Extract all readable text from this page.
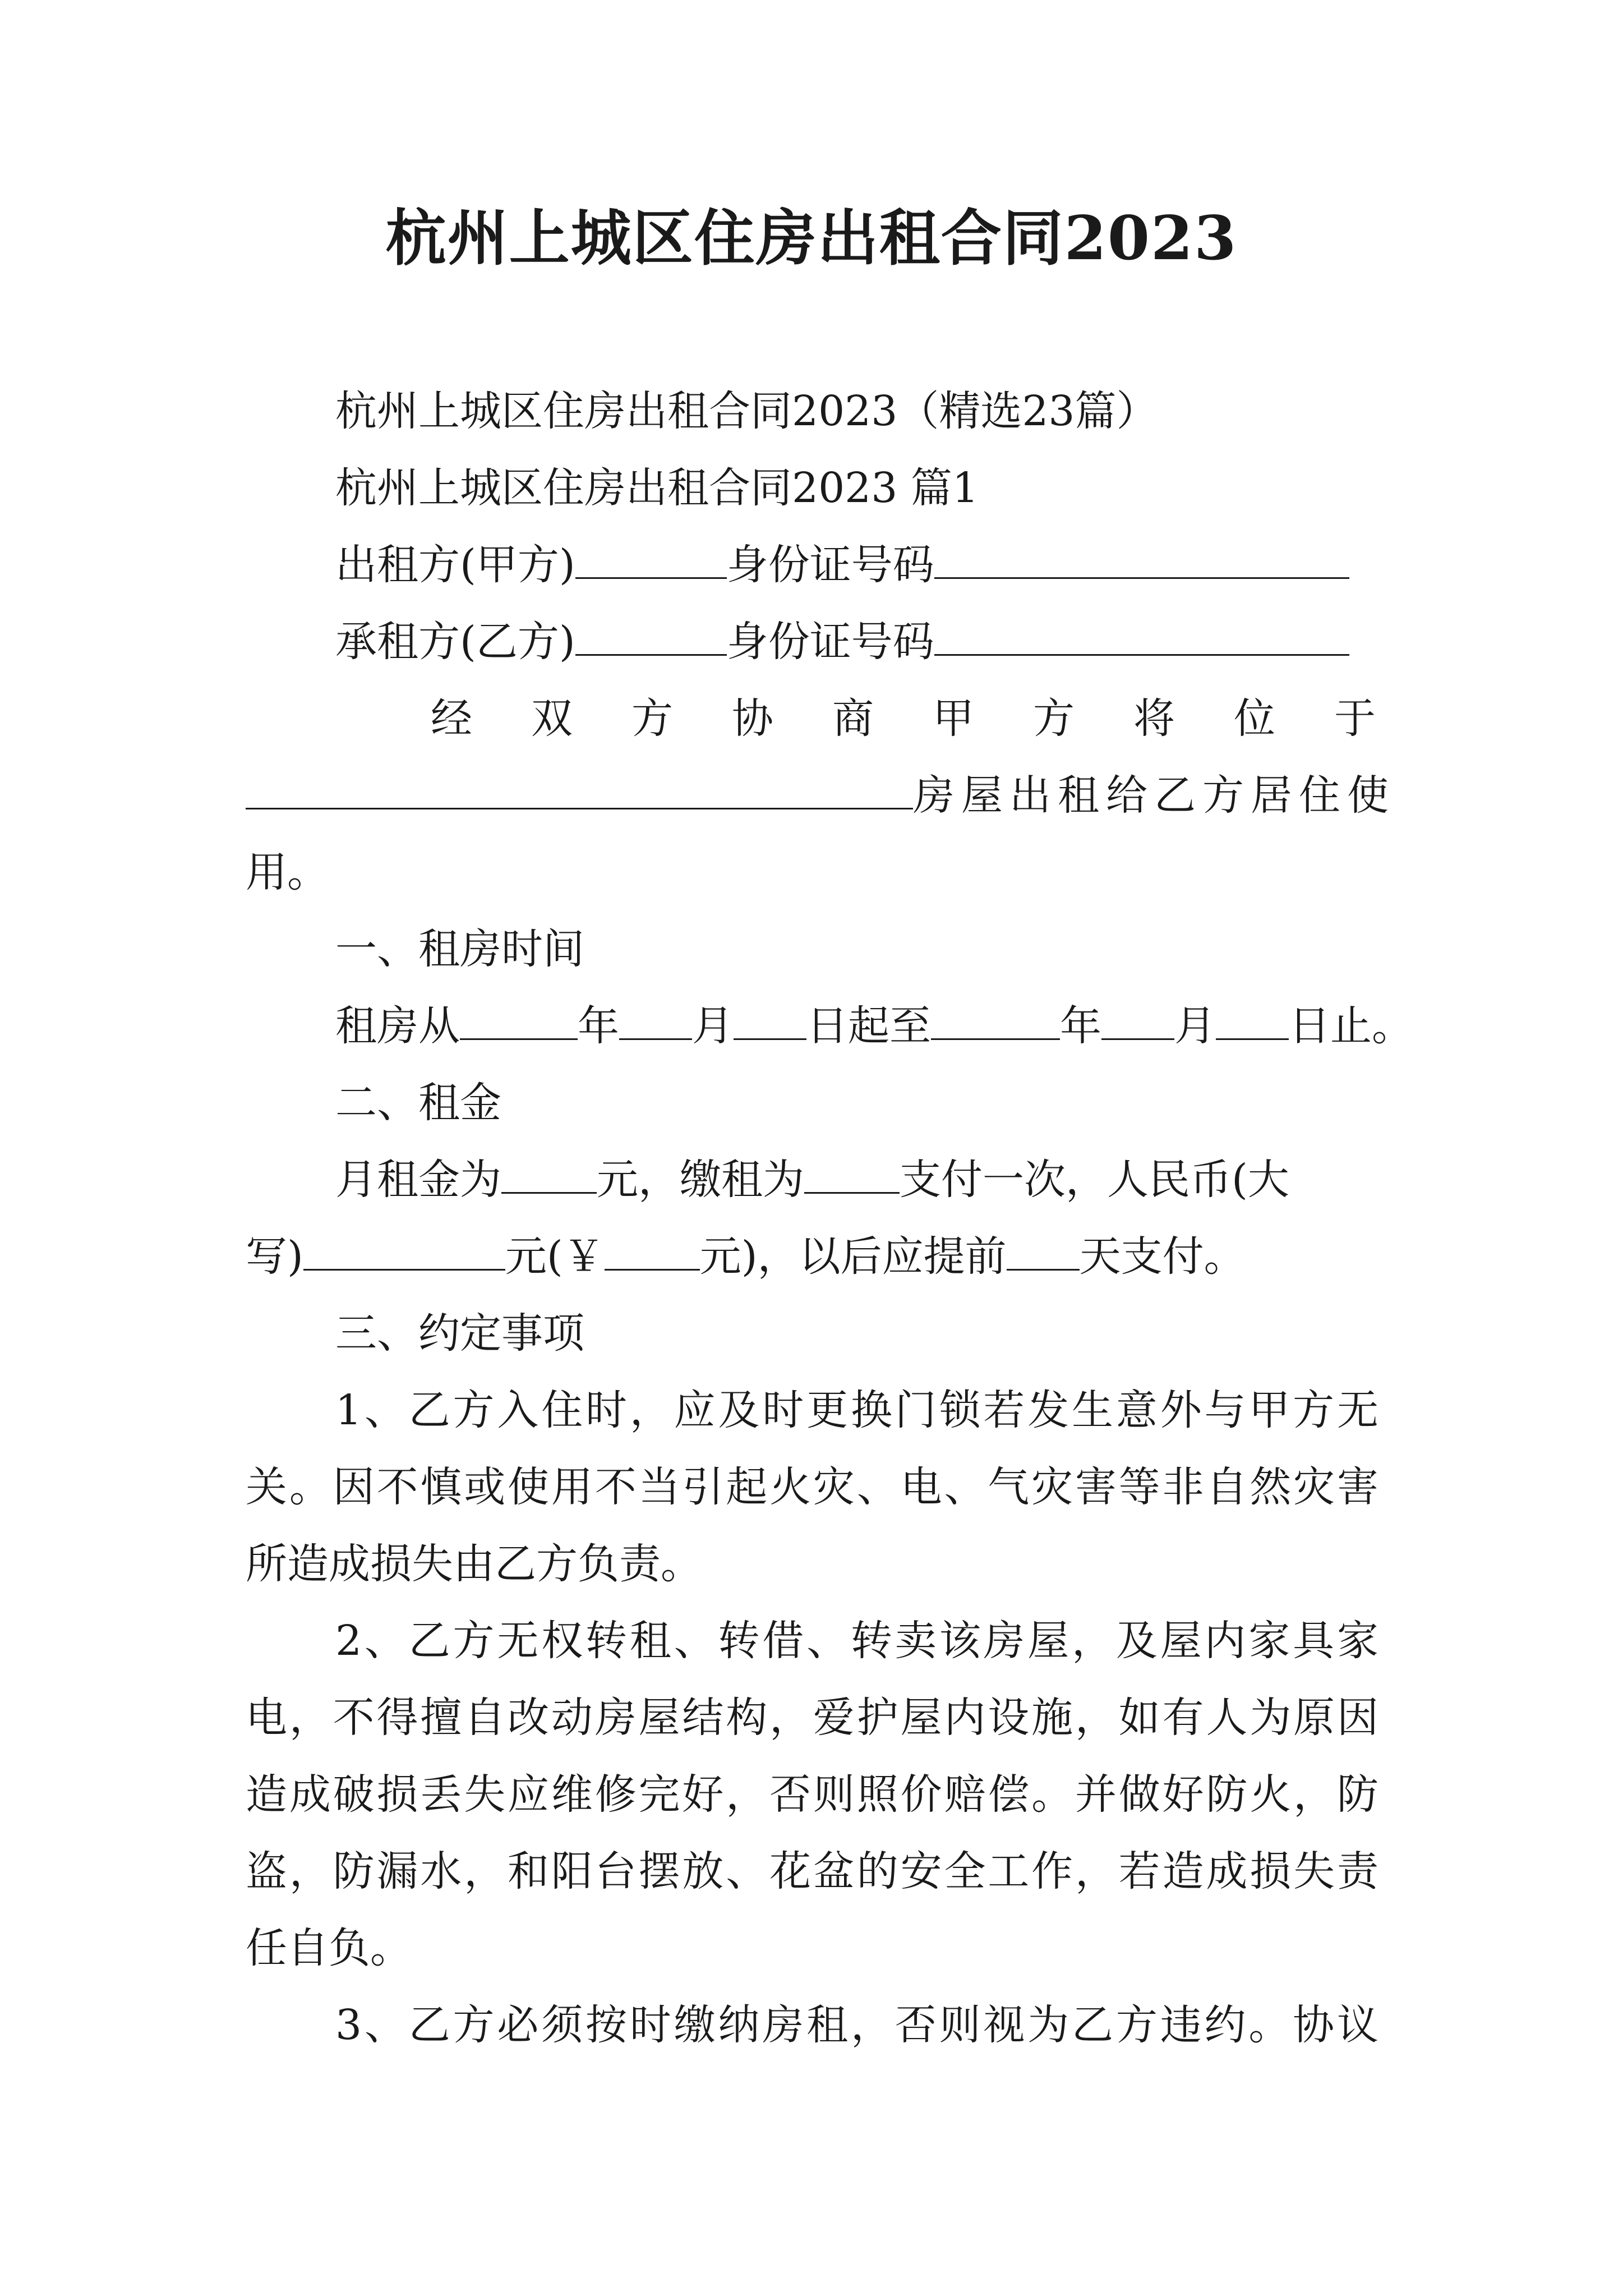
杭州上城区住房出租合同2023
杭州上城区住房出租合同2023（精选23篇）
杭州上城区住房出租合同2023 篇1
出租方(甲方)	身份证号码
承租方(乙方)	身份证号码
经双方协商甲方将位于
房屋出租给乙方居住使
用。
一、租房时间
租房从	年 月 日起至	年 月 日止。
二、租金
月租金为 元，缴租为 支付一次，人民币(大
写)	元(￥ 元)，以后应提前 天支付。
三、约定事项
1、乙方入住时，应及时更换门锁若发生意外与甲方无
关。因不慎或使用不当引起火灾、电、气灾害等非自然灾害
所造成损失由乙方负责。
2、乙方无权转租、转借、转卖该房屋，及屋内家具家
电，不得擅自改动房屋结构，爱护屋内设施，如有人为原因
造成破损丢失应维修完好，否则照价赔偿。并做好防火，防
盗，防漏水，和阳台摆放、花盆的安全工作，若造成损失责
任自负。
3、乙方必须按时缴纳房租，否则视为乙方违约。协议
